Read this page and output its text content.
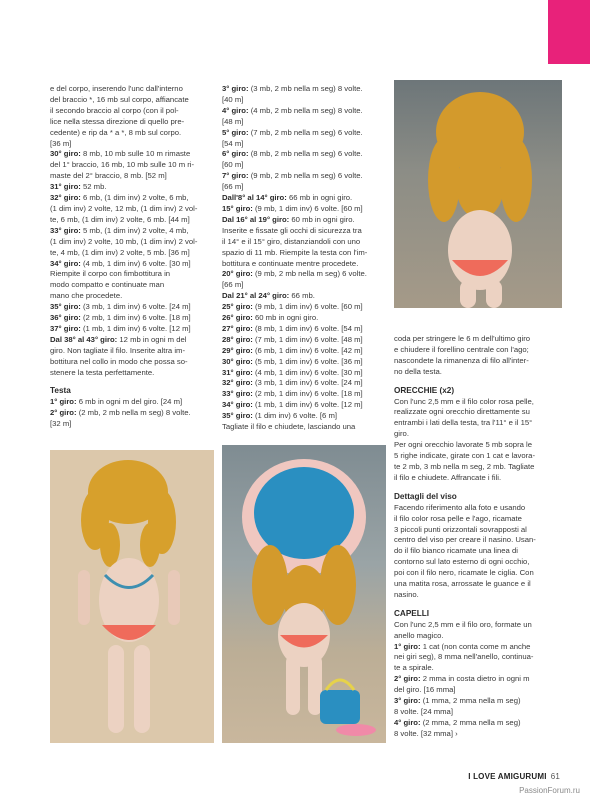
e del corpo, inserendo l'unc dall'interno

del braccio *, 16 mb sul corpo, affiancate

il secondo braccio al corpo (con il pol-

lice nella stessa direzione di quello pre-

cedente) e rip da * a *, 8 mb sul corpo.

[36 m]

30° giro: 8 mb, 10 mb sulle 10 m rimaste

del 1° braccio, 16 mb, 10 mb sulle 10 m ri-

maste del 2° braccio, 8 mb. [52 m]

31° giro: 52 mb.

32° giro: 6 mb, (1 dim inv) 2 volte, 6 mb,

(1 dim inv) 2 volte, 12 mb, (1 dim inv) 2 vol-

te, 6 mb, (1 dim inv) 2 volte, 6 mb. [44 m]

33° giro: 5 mb, (1 dim inv) 2 volte, 4 mb,

(1 dim inv) 2 volte, 10 mb, (1 dim inv) 2 vol-

te, 4 mb, (1 dim inv) 2 volte, 5 mb. [36 m]

34° giro: (4 mb, 1 dim inv) 6 volte. [30 m]

Riempite il corpo con fimbottitura in

modo compatto e continuate man

mano che procedete.

35° giro: (3 mb, 1 dim inv) 6 volte. [24 m]

36° giro: (2 mb, 1 dim inv) 6 volte. [18 m]

37° giro: (1 mb, 1 dim inv) 6 volte. [12 m]

Dal 38° al 43° giro: 12 mb in ogni m del

giro. Non tagliate il filo. Inserite altra im-

bottitura nel collo in modo che possa so-

stenere la testa perfettamente.

Testa

1° giro: 6 mb in ogni m del giro. [24 m]

2° giro: (2 mb, 2 mb nella m seg) 8 volte.

[32 m]

3° giro: (3 mb, 2 mb nella m seg) 8 volte.

[40 m]

4° giro: (4 mb, 2 mb nella m seg) 8 volte.

[48 m]

5° giro: (7 mb, 2 mb nella m seg) 6 volte.

[54 m]

6° giro: (8 mb, 2 mb nella m seg) 6 volte.

[60 m]

7° giro: (9 mb, 2 mb nella m seg) 6 volte.

[66 m]

Dall'8° al 14° giro: 66 mb in ogni giro.

15° giro: (9 mb, 1 dim inv) 6 volte. [60 m]

Dal 16° al 19° giro: 60 mb in ogni giro.

Inserite e fissate gli occhi di sicurezza tra

il 14° e il 15° giro, distanziandoli con uno

spazio di 11 mb. Riempite la testa con l'im-

bottitura e continuate mentre procedete.

20° giro: (9 mb, 2 mb nella m seg) 6 volte.

[66 m]

Dal 21° al 24° giro: 66 mb.

25° giro: (9 mb, 1 dim inv) 6 volte. [60 m]

26° giro: 60 mb in ogni giro.

27° giro: (8 mb, 1 dim inv) 6 volte. [54 m]

28° giro: (7 mb, 1 dim inv) 6 volte. [48 m]

29° giro: (6 mb, 1 dim inv) 6 volte. [42 m]

30° giro: (5 mb, 1 dim inv) 6 volte. [36 m]

31° giro: (4 mb, 1 dim inv) 6 volte. [30 m]

32° giro: (3 mb, 1 dim inv) 6 volte. [24 m]

33° giro: (2 mb, 1 dim inv) 6 volte. [18 m]

34° giro: (1 mb, 1 dim inv) 6 volte. [12 m]

35° giro: (1 dim inv) 6 volte. [6 m]

Tagliate il filo e chiudete, lasciando una

coda per stringere le 6 m dell'ultimo giro

e chiudere il forellino centrale con l'ago;

nascondete la rimanenza di filo all'inter-

no della testa.

ORECCHIE (x2)

Con l'unc 2,5 mm e il filo color rosa pelle,

realizzate ogni orecchio direttamente su

entrambi i lati della testa, tra l'11° e il 15°

giro.

Per ogni orecchio lavorate 5 mb sopra le

5 righe indicate, girate con 1 cat e lavora-

te 2 mb, 3 mb nella m seg, 2 mb. Tagliate

il filo e chiudete. Affrancate i fili.

Dettagli del viso

Facendo riferimento alla foto e usando

il filo color rosa pelle e l'ago, ricamate

3 piccoli punti orizzontali sovrapposti al

centro del viso per creare il nasino. Usan-

do il filo bianco ricamate una linea di

contorno sul lato esterno di ogni occhio,

poi con il filo nero, ricamate le ciglia. Con

una matita rosa, arrossate le guance e il

nasino.

CAPELLI

Con l'unc 2,5 mm e il filo oro, formate un

anello magico.

1° giro: 1 cat (non conta come m anche

nei giri seg), 8 mma nell'anello, continua-

te a spirale.

2° giro: 2 mma in costa dietro in ogni m

del giro. [16 mma]

3° giro: (1 mma, 2 mma nella m seg)

8 volte. [24 mma]

4° giro: (2 mma, 2 mma nella m seg)

8 volte. [32 mma] ›

I LOVE AMIGURUMI 61
PassionForum.ru
